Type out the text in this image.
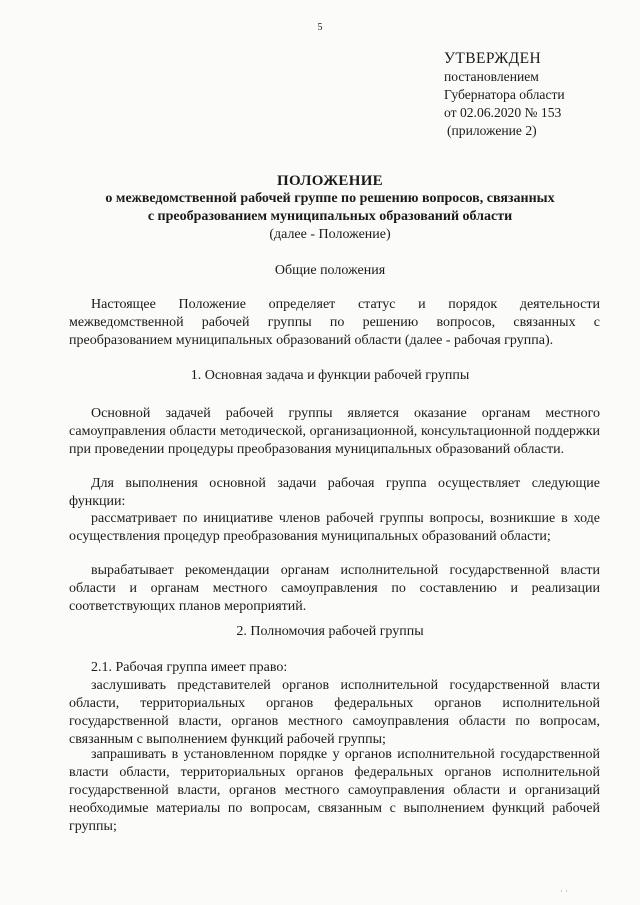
5
УТВЕРЖДЕН
постановлением
Губернатора области
от 02.06.2020 № 153
(приложение 2)
ПОЛОЖЕНИЕ
о межведомственной рабочей группе по решению вопросов, связанных
с преобразованием муниципальных образований области
(далее - Положение)
Общие положения
Настоящее Положение определяет статус и порядок деятельности межведомственной рабочей группы по решению вопросов, связанных с преобразованием муниципальных образований области (далее - рабочая группа).
1. Основная задача и функции рабочей группы
Основной задачей рабочей группы является оказание органам местного самоуправления области методической, организационной, консультационной поддержки при проведении процедуры преобразования муниципальных образований области.
Для выполнения основной задачи рабочая группа осуществляет следующие функции:
рассматривает по инициативе членов рабочей группы вопросы, возникшие в ходе осуществления процедур преобразования муниципальных образований области;
вырабатывает рекомендации органам исполнительной государственной власти области и органам местного самоуправления по составлению и реализации соответствующих планов мероприятий.
2. Полномочия рабочей группы
2.1. Рабочая группа имеет право:
заслушивать представителей органов исполнительной государственной власти области, территориальных органов федеральных органов исполнительной государственной власти, органов местного самоуправления области по вопросам, связанным с выполнением функций рабочей группы;
запрашивать в установленном порядке у органов исполнительной государственной власти области, территориальных органов федеральных органов исполнительной государственной власти, органов местного самоуправления области и организаций необходимые материалы по вопросам, связанным с выполнением функций рабочей группы;
· ·
